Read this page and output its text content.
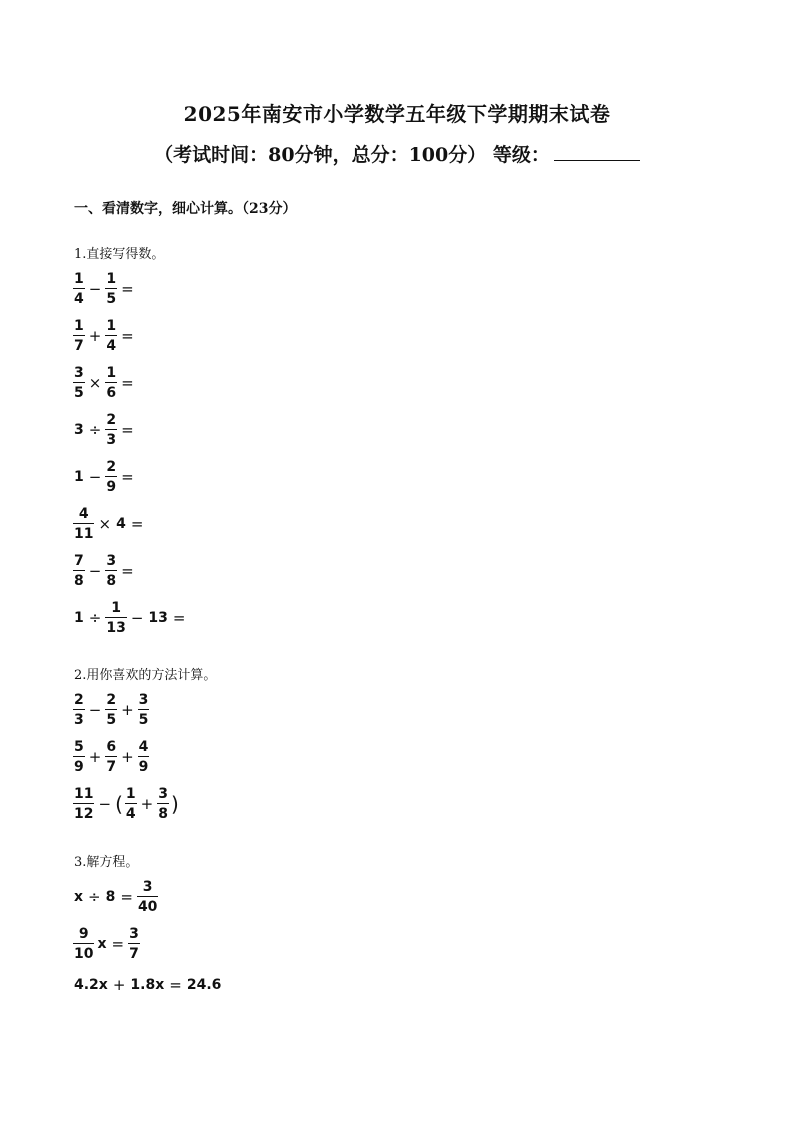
2025年南安市小学数学五年级下学期期末试卷
（考试时间：80分钟，总分：100分） 等级：
一、看清数字，细心计算。（23分）
1.直接写得数。
$\frac{1}{4} - \frac{1}{5}$ =
$\frac{1}{7} + \frac{1}{4}$ =
$\frac{3}{5} \times \frac{1}{6}$ =
$3 \div \frac{2}{3}$ =
$1 - \frac{2}{9}$ =
$\frac{4}{11} \times 4$ =
$\frac{7}{8} - \frac{3}{8}$ =
$1 \div \frac{1}{13} - 13$ =
2.用你喜欢的方法计算。
$\frac{2}{3} - \frac{2}{5} + \frac{3}{5}$
$\frac{5}{9} + \frac{6}{7} + \frac{4}{9}$
$\frac{11}{12}$ − ( $\frac{1}{4} + \frac{3}{8}$ )
3.解方程。
$x \div 8 = \frac{3}{40}$
$\frac{9}{10}$ $x = \frac{3}{7}$
4.2x + 1.8x = 24.6
